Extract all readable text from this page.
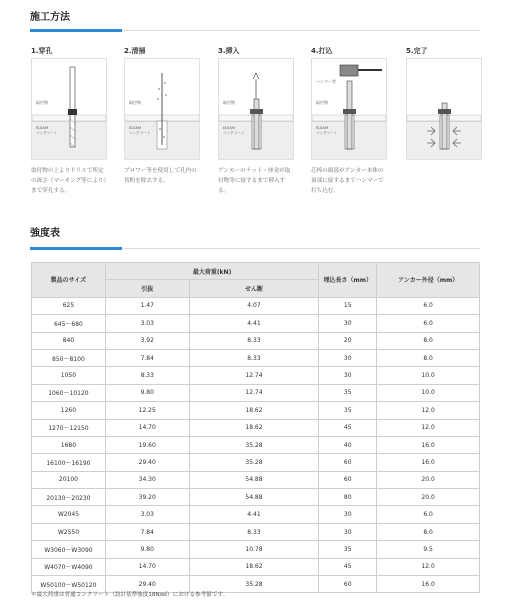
施工方法
1.穿孔
取付物
ELEAM
コンクリート
取付物の上よりドリルで所定の深さ（マーキング等により）まで穿孔する。
2.清掃
取付物
ELEAM
コンクリート
ブロワー等を使用して孔内の切粉を除去する。
3.挿入
取付物
ELEAM
コンクリート
アンカーのナット・座金が取付物等に接するまで挿入する。
4.打込
ハンマー等
取付物
ELEAM
コンクリート
芯棒の頭部がアンカー本体の頂部に接するまでハンマーで打ち込む。
5.完了
強度表
製品のサイズ	最大荷重(kN)		埋込長さ（mm）	アンカー外径（mm）
	引抜	せん断		
625	1.47	4.07	15	6.0
645～680	3.03	4.41	30	6.0
840	3.92	8.33	20	8.0
850～8100	7.84	8.33	30	8.0
1050	8.33	12.74	30	10.0
1060～10120	9.80	12.74	35	10.0
1260	12.25	18.62	35	12.0
1270～12150	14.70	18.62	45	12.0
1680	19.60	35.28	40	16.0
16100～16190	29.40	35.28	60	16.0
20100	34.30	54.88	60	20.0
20130～20230	39.20	54.88	80	20.0
W2045	3.03	4.41	30	6.0
W2550	7.84	8.33	30	8.0
W3060～W3090	9.80	10.78	35	9.5
W4070～W4090	14.70	18.62	45	12.0
W50100～W50120	29.40	35.28	60	16.0
＊最大荷重は普通コンクリート（設計基準強度18N/㎟）における参考値です。
